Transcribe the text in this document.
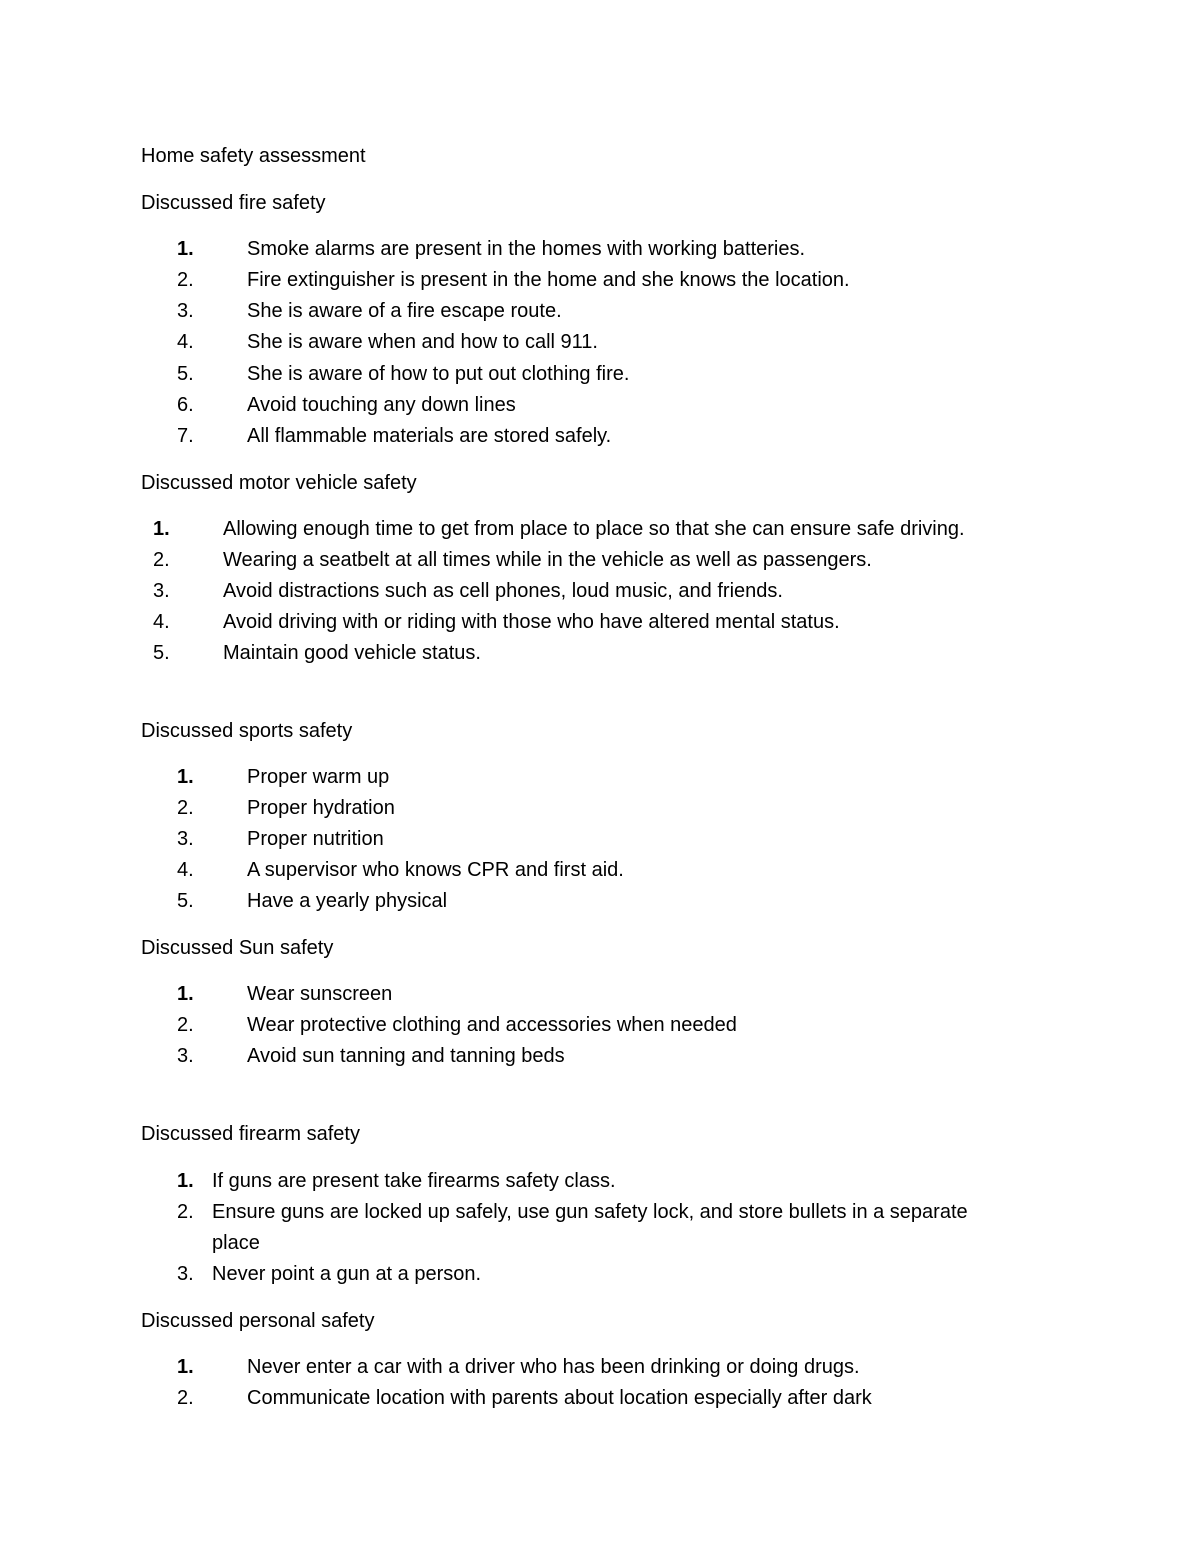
Home safety assessment
Discussed fire safety
1.	Smoke alarms are present in the homes with working batteries.
2.	Fire extinguisher is present in the home and she knows the location.
3.	She is aware of a fire escape route.
4.	She is aware when and how to call 911.
5.	She is aware of how to put out clothing fire.
6.	Avoid touching any down lines
7.	All flammable materials are stored safely.
Discussed motor vehicle safety
1.	Allowing enough time to get from place to place so that she can ensure safe driving.
2.	Wearing a seatbelt at all times while in the vehicle as well as passengers.
3.	Avoid distractions such as cell phones, loud music, and friends.
4.	Avoid driving with or riding with those who have altered mental status.
5.	Maintain good vehicle status.
Discussed sports safety
1.	Proper warm up
2.	Proper hydration
3.	Proper nutrition
4.	A supervisor who knows CPR and first aid.
5.	Have a yearly physical
Discussed Sun safety
1.	Wear sunscreen
2.	Wear protective clothing and accessories when needed
3.	Avoid sun tanning and tanning beds
Discussed firearm safety
1. If guns are present take firearms safety class.
2. Ensure guns are locked up safely, use gun safety lock, and store bullets in a separate
place
3. Never point a gun at a person.
Discussed personal safety
1.	Never enter a car with a driver who has been drinking or doing drugs.
2.	Communicate location with parents about location especially after dark
